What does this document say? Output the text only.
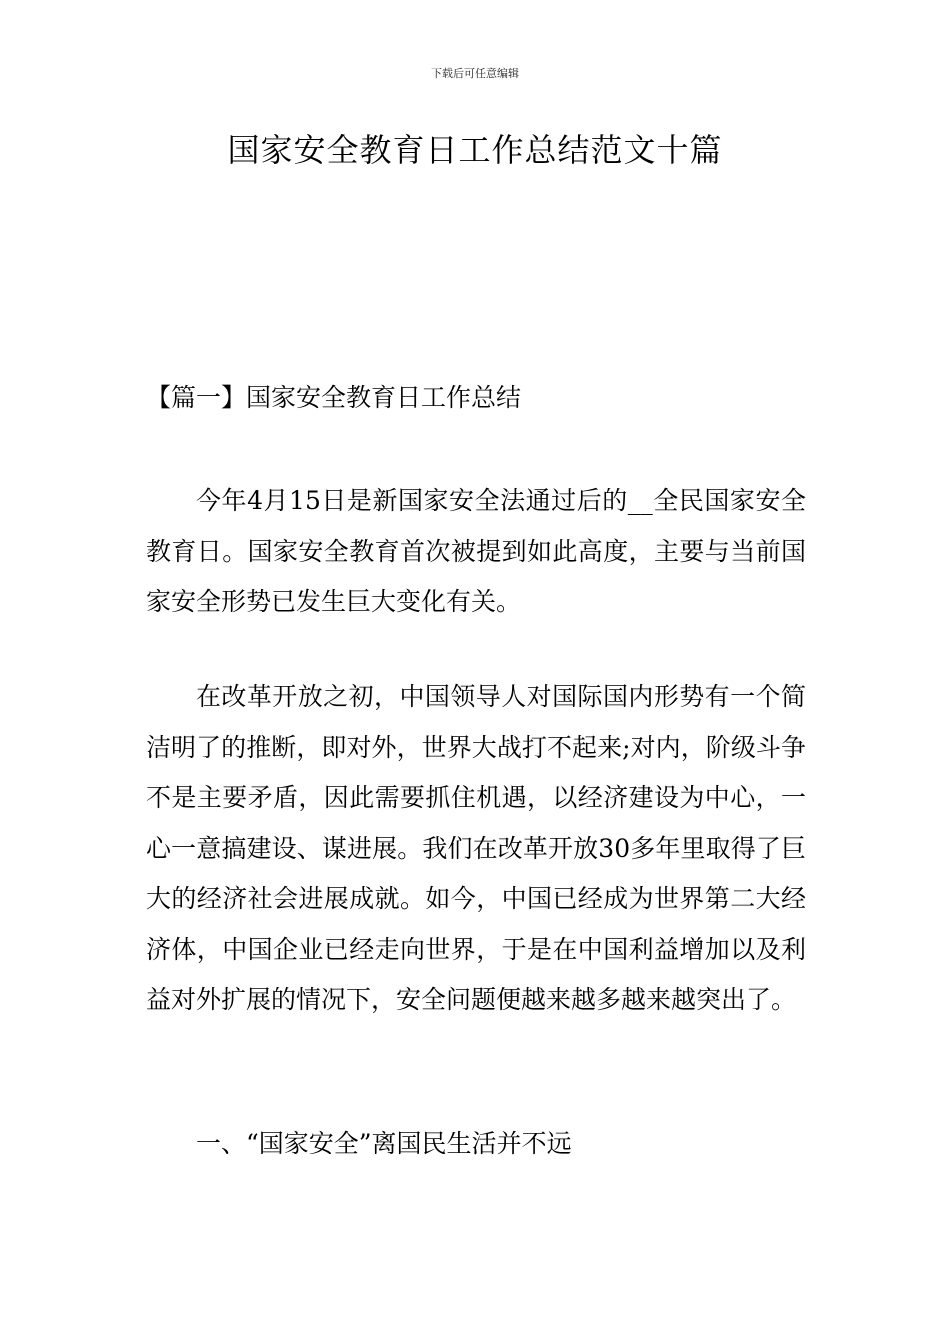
下载后可任意编辑
国家安全教育日工作总结范文十篇
【篇一】国家安全教育日工作总结

今年4月15日是新国家安全法通过后的__全民国家安全教育日。国家安全教育首次被提到如此高度，主要与当前国家安全形势已发生巨大变化有关。

在改革开放之初，中国领导人对国际国内形势有一个简洁明了的推断，即对外，世界大战打不起来;对内，阶级斗争不是主要矛盾，因此需要抓住机遇，以经济建设为中心，一心一意搞建设、谋进展。我们在改革开放30多年里取得了巨大的经济社会进展成就。如今，中国已经成为世界第二大经济体，中国企业已经走向世界，于是在中国利益增加以及利益对外扩展的情况下，安全问题便越来越多越来越突出了。

一、“国家安全”离国民生活并不远
